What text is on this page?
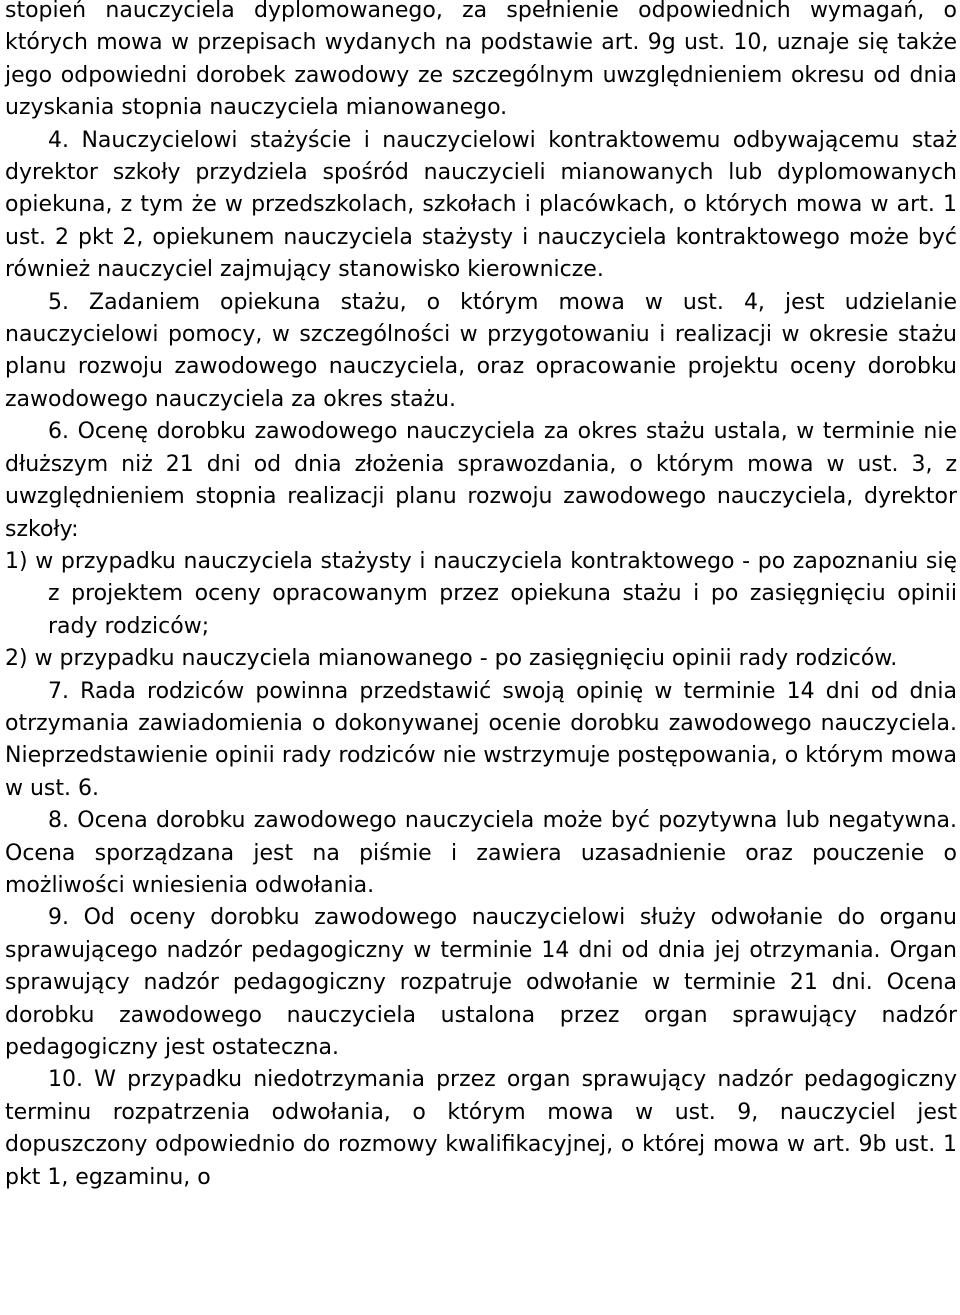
stopień nauczyciela dyplomowanego, za spełnienie odpowiednich wymagań, o których mowa w przepisach wydanych na podstawie art. 9g ust. 10, uznaje się także jego odpowiedni dorobek zawodowy ze szczególnym uwzględnieniem okresu od dnia uzyskania stopnia nauczyciela mianowanego.

4. Nauczycielowi stażyście i nauczycielowi kontraktowemu odbywającemu staż dyrektor szkoły przydziela spośród nauczycieli mianowanych lub dyplomowanych opiekuna, z tym że w przedszkolach, szkołach i placówkach, o których mowa w art. 1 ust. 2 pkt 2, opiekunem nauczyciela stażysty i nauczyciela kontraktowego może być również nauczyciel zajmujący stanowisko kierownicze.

5. Zadaniem opiekuna stażu, o którym mowa w ust. 4, jest udzielanie nauczycielowi pomocy, w szczególności w przygotowaniu i realizacji w okresie stażu planu rozwoju zawodowego nauczyciela, oraz opracowanie projektu oceny dorobku zawodowego nauczyciela za okres stażu.

6. Ocenę dorobku zawodowego nauczyciela za okres stażu ustala, w terminie nie dłuższym niż 21 dni od dnia złożenia sprawozdania, o którym mowa w ust. 3, z uwzględnieniem stopnia realizacji planu rozwoju zawodowego nauczyciela, dyrektor szkoły:

1) w przypadku nauczyciela stażysty i nauczyciela kontraktowego - po zapoznaniu się z projektem oceny opracowanym przez opiekuna stażu i po zasięgnięciu opinii rady rodziców;

2) w przypadku nauczyciela mianowanego - po zasięgnięciu opinii rady rodziców.

7. Rada rodziców powinna przedstawić swoją opinię w terminie 14 dni od dnia otrzymania zawiadomienia o dokonywanej ocenie dorobku zawodowego nauczyciela. Nieprzedstawienie opinii rady rodziców nie wstrzymuje postępowania, o którym mowa w ust. 6.

8. Ocena dorobku zawodowego nauczyciela może być pozytywna lub negatywna. Ocena sporządzana jest na piśmie i zawiera uzasadnienie oraz pouczenie o możliwości wniesienia odwołania.

9. Od oceny dorobku zawodowego nauczycielowi służy odwołanie do organu sprawującego nadzór pedagogiczny w terminie 14 dni od dnia jej otrzymania. Organ sprawujący nadzór pedagogiczny rozpatruje odwołanie w terminie 21 dni. Ocena dorobku zawodowego nauczyciela ustalona przez organ sprawujący nadzór pedagogiczny jest ostateczna.

10. W przypadku niedotrzymania przez organ sprawujący nadzór pedagogiczny terminu rozpatrzenia odwołania, o którym mowa w ust. 9, nauczyciel jest dopuszczony odpowiednio do rozmowy kwalifikacyjnej, o której mowa w art. 9b ust. 1 pkt 1, egzaminu, o
